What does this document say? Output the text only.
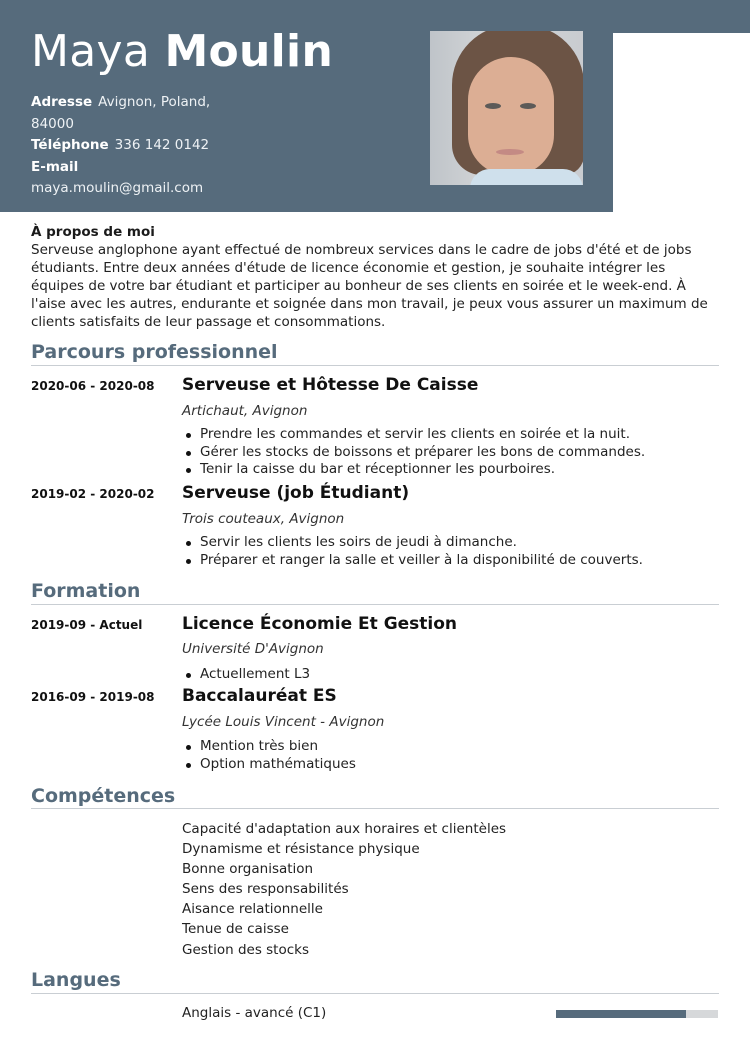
Maya Moulin
Adresse Avignon, Poland,
84000
Téléphone 336 142 0142
E-mail
maya.moulin@gmail.com
À propos de moi
Serveuse anglophone ayant effectué de nombreux services dans le cadre de jobs d'été et de jobs étudiants. Entre deux années d'étude de licence économie et gestion, je souhaite intégrer les équipes de votre bar étudiant et participer au bonheur de ses clients en soirée et le week-end. À l'aise avec les autres, endurante et soignée dans mon travail, je peux vous assurer un maximum de clients satisfaits de leur passage et consommations.
Parcours professionnel
2020-06 - 2020-08 Serveuse et Hôtesse De Caisse
Artichaut, Avignon
Prendre les commandes et servir les clients en soirée et la nuit.
Gérer les stocks de boissons et préparer les bons de commandes.
Tenir la caisse du bar et réceptionner les pourboires.
2019-02 - 2020-02 Serveuse (job Étudiant)
Trois couteaux, Avignon
Servir les clients les soirs de jeudi à dimanche.
Préparer et ranger la salle et veiller à la disponibilité de couverts.
Formation
2019-09 - Actuel Licence Économie Et Gestion
Université D'Avignon
Actuellement L3
2016-09 - 2019-08 Baccalauréat ES
Lycée Louis Vincent - Avignon
Mention très bien
Option mathématiques
Compétences
Capacité d'adaptation aux horaires et clientèles
Dynamisme et résistance physique
Bonne organisation
Sens des responsabilités
Aisance relationnelle
Tenue de caisse
Gestion des stocks
Langues
Anglais - avancé (C1)
